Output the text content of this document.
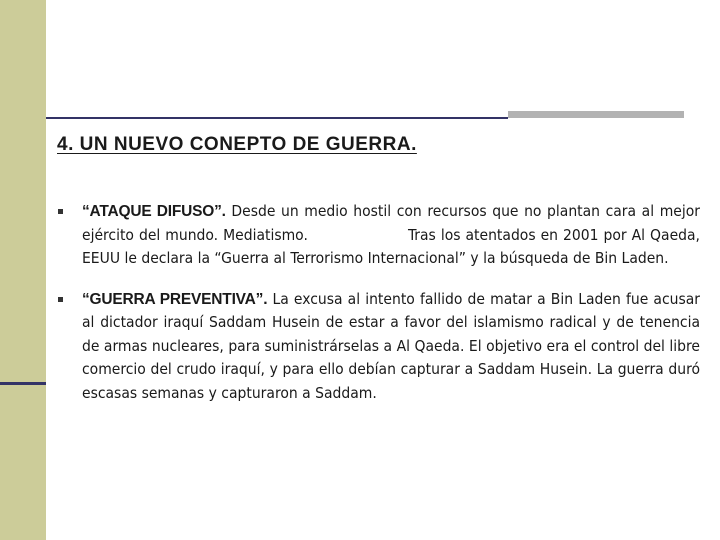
4. UN NUEVO CONEPTO DE GUERRA.
“ATAQUE DIFUSO”. Desde un medio hostil con recursos que no plantan cara al mejor ejército del mundo. Mediatismo.                    Tras los atentados en 2001 por Al Qaeda, EEUU le declara la “Guerra al Terrorismo Internacional” y la búsqueda de Bin Laden.
“GUERRA PREVENTIVA”. La excusa al intento fallido de matar a Bin Laden fue acusar al dictador iraquí Saddam Husein de estar a favor del islamismo radical y de tenencia de armas nucleares, para suministrárselas a Al Qaeda. El objetivo era el control del libre comercio del crudo iraquí, y para ello debían capturar a Saddam Husein. La guerra duró escasas semanas y capturaron a Saddam.
